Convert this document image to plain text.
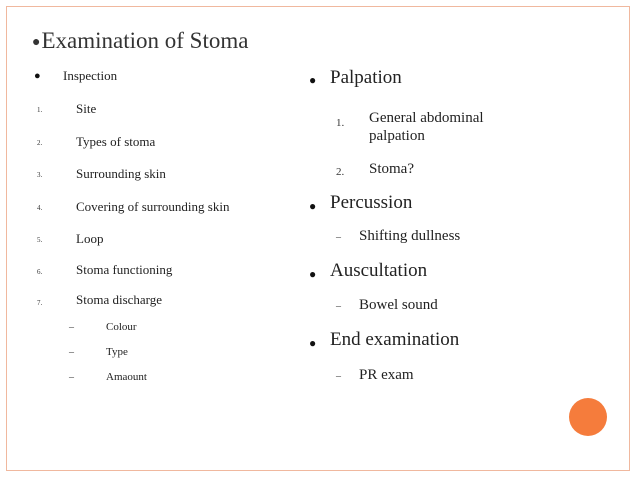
●Examination of Stoma
● Inspection
1.	Site
2.	Types of stoma
3.	Surrounding skin
4.	Covering of surrounding skin
5.	Loop
6.	Stoma functioning
7.	Stoma discharge
–	Colour
–	Type
–	Amaount
● Palpation
1. General abdominal
palpation
2. Stoma?
● Percussion
– Shifting dullness
● Auscultation
– Bowel sound
● End examination
– PR exam
